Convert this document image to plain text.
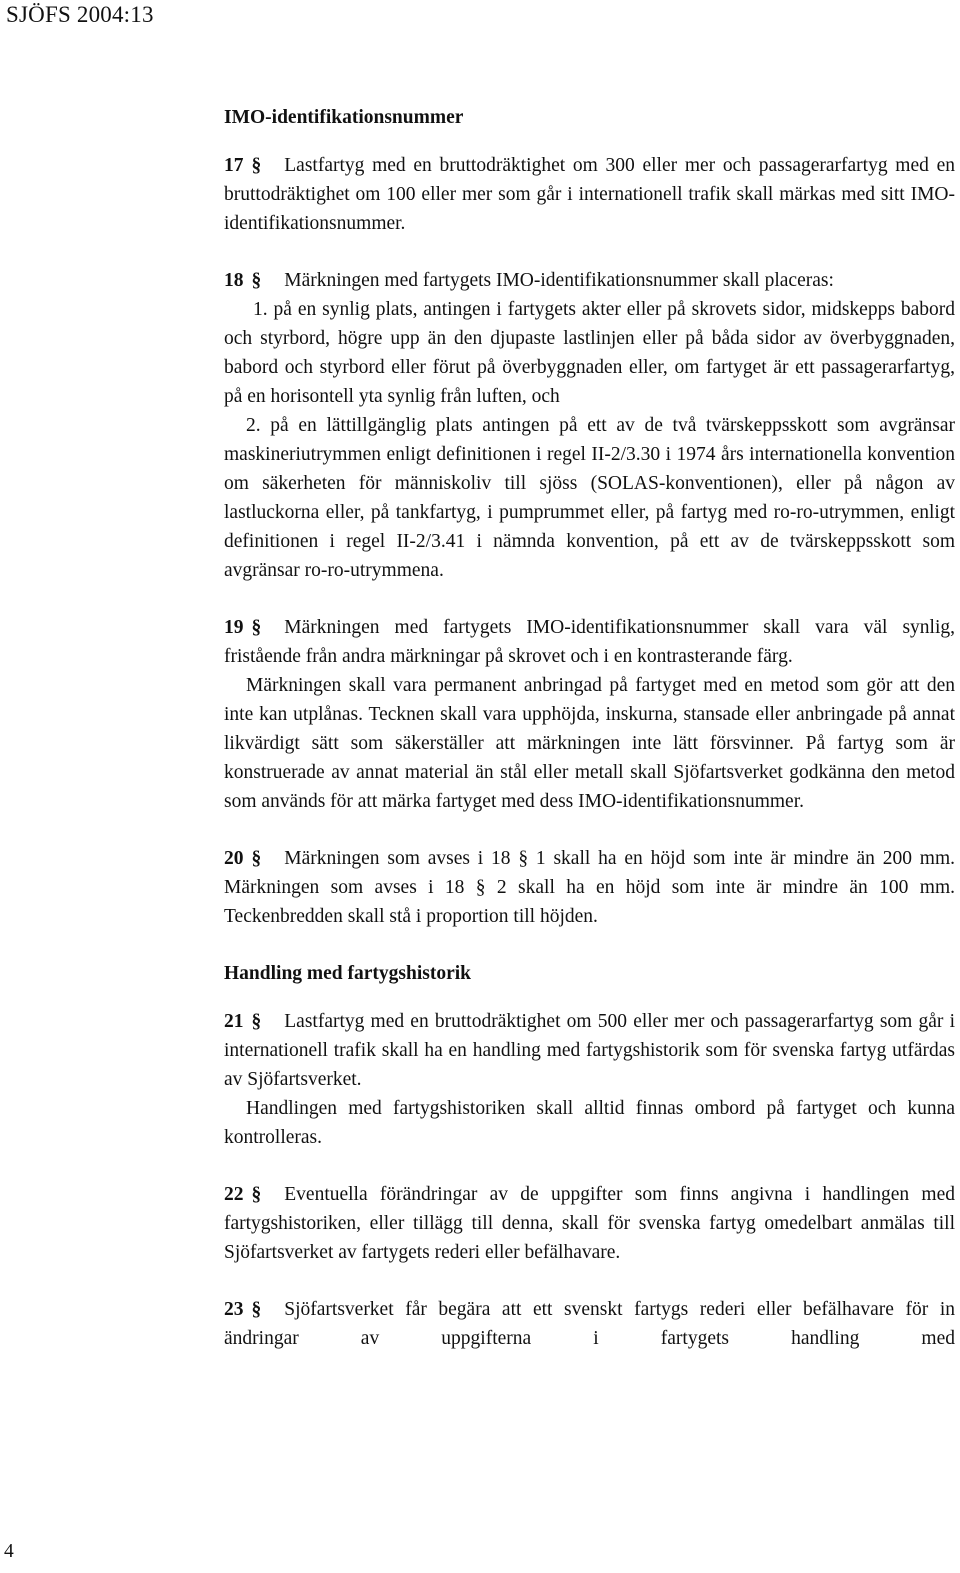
SJÖFS 2004:13
IMO-identifikationsnummer

17 § Lastfartyg med en bruttodräktighet om 300 eller mer och passagerarfartyg med en bruttodräktighet om 100 eller mer som går i internationell trafik skall märkas med sitt IMO-identifikationsnummer.

18 § Märkningen med fartygets IMO-identifikationsnummer skall placeras:

1. på en synlig plats, antingen i fartygets akter eller på skrovets sidor, midskepps babord och styrbord, högre upp än den djupaste lastlinjen eller på båda sidor av överbyggnaden, babord och styrbord eller förut på överbyggnaden eller, om fartyget är ett passagerarfartyg, på en horisontell yta synlig från luften, och

2. på en lättillgänglig plats antingen på ett av de två tvärskeppsskott som avgränsar maskineriutrymmen enligt definitionen i regel II-2/3.30 i 1974 års internationella konvention om säkerheten för människoliv till sjöss (SOLAS-konventionen), eller på någon av lastluckorna eller, på tankfartyg, i pumprummet eller, på fartyg med ro-ro-utrymmen, enligt definitionen i regel II-2/3.41 i nämnda konvention, på ett av de tvärskeppsskott som avgränsar ro-ro-utrymmena.

19 § Märkningen med fartygets IMO-identifikationsnummer skall vara väl synlig, fristående från andra märkningar på skrovet och i en kontrasterande färg.

Märkningen skall vara permanent anbringad på fartyget med en metod som gör att den inte kan utplånas. Tecknen skall vara upphöjda, inskurna, stansade eller anbringade på annat likvärdigt sätt som säkerställer att märkningen inte lätt försvinner. På fartyg som är konstruerade av annat material än stål eller metall skall Sjöfartsverket godkänna den metod som används för att märka fartyget med dess IMO-identifikationsnummer.

20 § Märkningen som avses i 18 § 1 skall ha en höjd som inte är mindre än 200 mm. Märkningen som avses i 18 § 2 skall ha en höjd som inte är mindre än 100 mm. Teckenbredden skall stå i proportion till höjden.

Handling med fartygshistorik

21 § Lastfartyg med en bruttodräktighet om 500 eller mer och passagerarfartyg som går i internationell trafik skall ha en handling med fartygshistorik som för svenska fartyg utfärdas av Sjöfartsverket.

Handlingen med fartygshistoriken skall alltid finnas ombord på fartyget och kunna kontrolleras.

22 § Eventuella förändringar av de uppgifter som finns angivna i handlingen med fartygshistoriken, eller tillägg till denna, skall för svenska fartyg omedelbart anmälas till Sjöfartsverket av fartygets rederi eller befälhavare.

23 § Sjöfartsverket får begära att ett svenskt fartygs rederi eller befälhavare för in ändringar av uppgifterna i fartygets handling med

4
